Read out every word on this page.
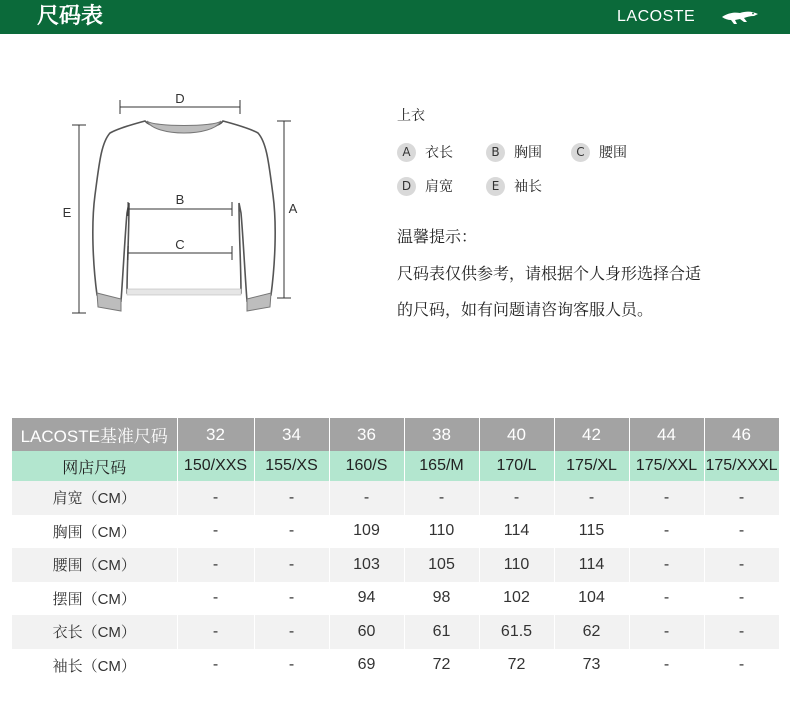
尺码表	LACOSTE
D
B
C
E	A
上衣
A	衣长	B	胸围	C	腰围
D 肩宽	E	袖长
温馨提示：
尺码表仅供参考，请根据个人身形选择合适
的尺码，如有问题请咨询客服人员。
LACOSTE基准尺码	32	34	36	38	40	42	44	46
网店尺码	150/XXS	155/XS	160/S	165/M	170/L	175/XL	175/XXL	175/XXXL
肩宽（CM）	-	-	-	-	-	-	-	-
胸围（CM）	-	-	109	110	114	115	-	-
腰围（CM）	-	-	103	105	110	114	-	-
摆围（CM）	-	-	94	98	102	104	-	-
衣长（CM）	-	-	60	61	61.5	62	-	-
袖长（CM）	-	-	69	72	72	73	-	-
